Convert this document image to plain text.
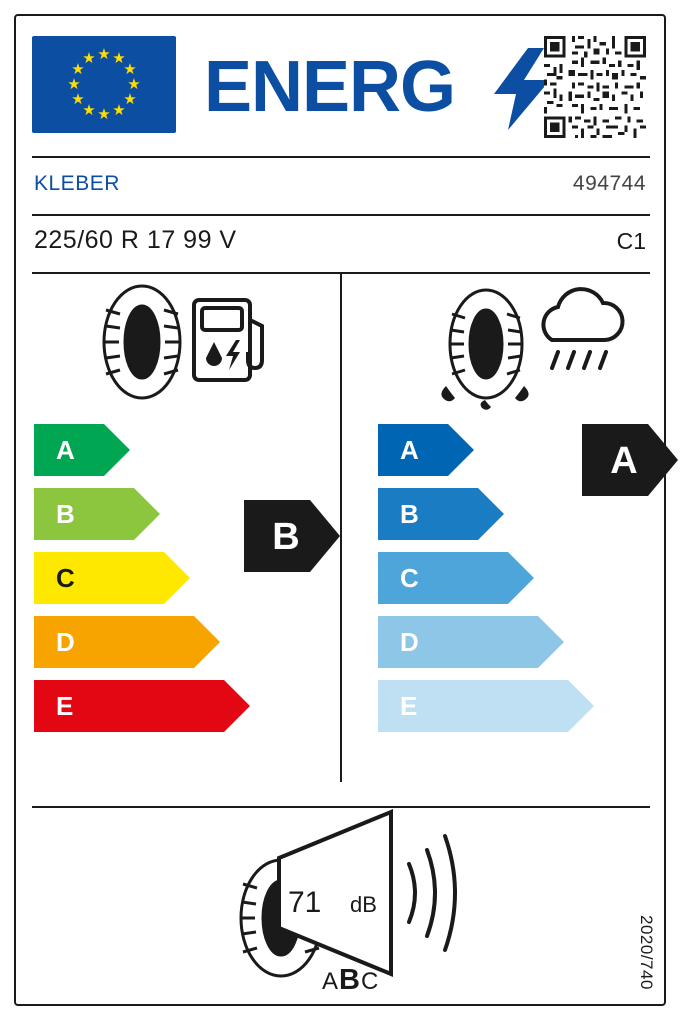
★ ★
★
★
★
★
★
★
★
★
★
★ ENERG
KLEBER	494744
225/60 R 17 99 V	C1
A
B
C
D
E
B
A
B
C
D
E
A
71 dB
ABC	2020/740
